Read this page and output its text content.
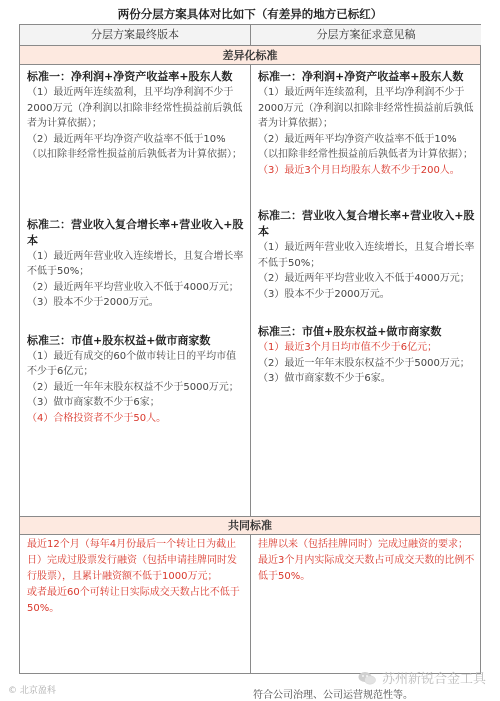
两份分层方案具体对比如下（有差异的地方已标红）
分层方案最终版本	分层方案征求意见稿
差异化标准
标准一：净利润+净资产收益率+股东人数

（1）最近两年连续盈利，且平均净利润不少于2000万元（净利润以扣除非经常性损益前后孰低者为计算依据）；

（2）最近两年平均净资产收益率不低于10%（以扣除非经常性损益前后孰低者为计算依据）；

标准二：营业收入复合增长率+营业收入+股本

（1）最近两年营业收入连续增长，且复合增长率不低于50%；

（2）最近两年平均营业收入不低于4000万元；

（3）股本不少于2000万元。

标准三：市值+股东权益+做市商家数

（1）最近有成交的60个做市转让日的平均市值不少于6亿元；

（2）最近一年年末股东权益不少于5000万元；

（3）做市商家数不少于6家；

（4）合格投资者不少于50人。

标准一：净利润+净资产收益率+股东人数

（1）最近两年连续盈利，且平均净利润不少于2000万元（净利润以扣除非经常性损益前后孰低者为计算依据）；

（2）最近两年平均净资产收益率不低于10%（以扣除非经常性损益前后孰低者为计算依据）；

（3）最近3个月日均股东人数不少于200人。

标准二：营业收入复合增长率+营业收入+股本

（1）最近两年营业收入连续增长，且复合增长率不低于50%；

（2）最近两年平均营业收入不低于4000万元；

（3）股本不少于2000万元。

标准三：市值+股东权益+做市商家数

（1）最近3个月日均市值不少于6亿元；

（2）最近一年年末股东权益不少于5000万元；

（3）做市商家数不少于6家。

共同标准

最近12个月（每年4月份最后一个转让日为截止日）完成过股票发行融资（包括申请挂牌同时发行股票），且累计融资额不低于1000万元；

或者最近60个可转让日实际成交天数占比不低于50%。

挂牌以来（包括挂牌同时）完成过融资的要求；

最近3个月内实际成交天数占可成交天数的比例不低于50%。

© 北京盈科	符合公司治理、公司运营规范性等。
苏州新锐合金工具
